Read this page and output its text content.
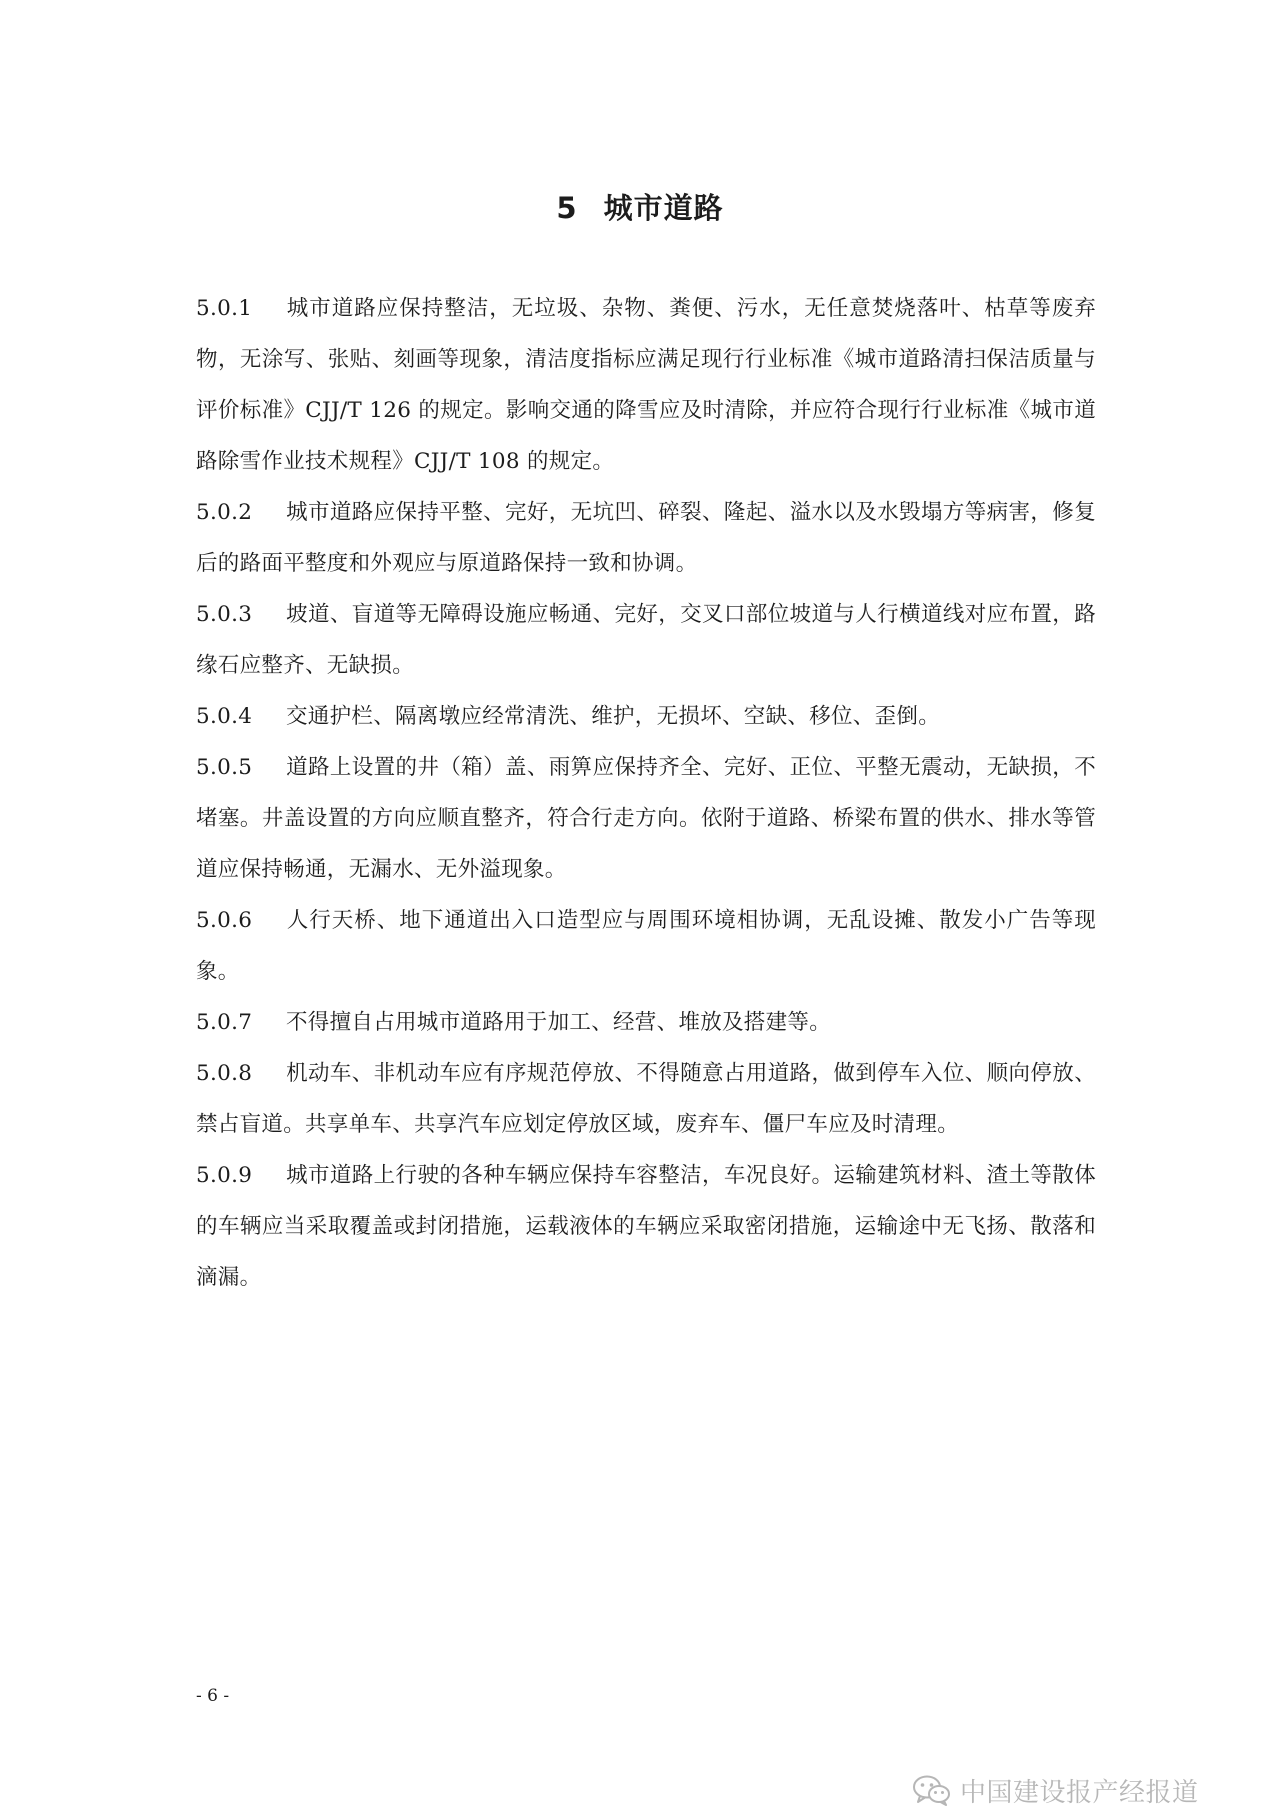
5 城市道路
5.0.1 城市道路应保持整洁，无垃圾、杂物、粪便、污水，无任意焚烧落叶、枯草等废弃物，无涂写、张贴、刻画等现象，清洁度指标应满足现行行业标准《城市道路清扫保洁质量与评价标准》CJJ/T 126 的规定。影响交通的降雪应及时清除，并应符合现行行业标准《城市道路除雪作业技术规程》CJJ/T 108 的规定。
5.0.2 城市道路应保持平整、完好，无坑凹、碎裂、隆起、溢水以及水毁塌方等病害，修复后的路面平整度和外观应与原道路保持一致和协调。
5.0.3 坡道、盲道等无障碍设施应畅通、完好，交叉口部位坡道与人行横道线对应布置，路缘石应整齐、无缺损。
5.0.4 交通护栏、隔离墩应经常清洗、维护，无损坏、空缺、移位、歪倒。
5.0.5 道路上设置的井（箱）盖、雨箅应保持齐全、完好、正位、平整无震动，无缺损，不堵塞。井盖设置的方向应顺直整齐，符合行走方向。依附于道路、桥梁布置的供水、排水等管道应保持畅通，无漏水、无外溢现象。
5.0.6 人行天桥、地下通道出入口造型应与周围环境相协调，无乱设摊、散发小广告等现象。
5.0.7 不得擅自占用城市道路用于加工、经营、堆放及搭建等。
5.0.8 机动车、非机动车应有序规范停放、不得随意占用道路，做到停车入位、顺向停放、禁占盲道。共享单车、共享汽车应划定停放区域，废弃车、僵尸车应及时清理。
5.0.9 城市道路上行驶的各种车辆应保持车容整洁，车况良好。运输建筑材料、渣土等散体的车辆应当采取覆盖或封闭措施，运载液体的车辆应采取密闭措施，运输途中无飞扬、散落和滴漏。
- 6 -
中国建设报产经报道
